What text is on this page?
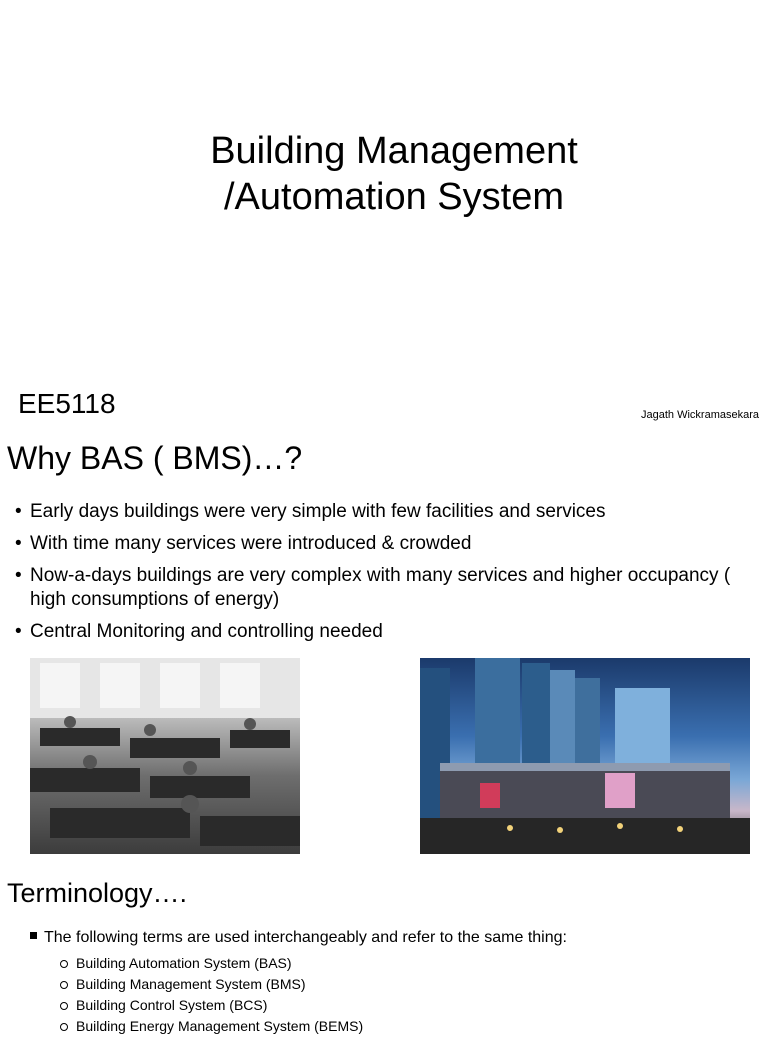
Building Management
/Automation System
EE5118	Jagath Wickramasekara
Why BAS ( BMS)…?
• Early days buildings were very simple with few facilities and services
• With time many services were introduced & crowded
• Now-a-days buildings are very complex with many services and higher occupancy ( high consumptions of energy)
• Central Monitoring and controlling needed
Terminology….
The following terms are used interchangeably and refer to the same thing:
Building Automation System (BAS)
Building Management System (BMS)
Building Control System (BCS)
Building Energy Management System (BEMS)
